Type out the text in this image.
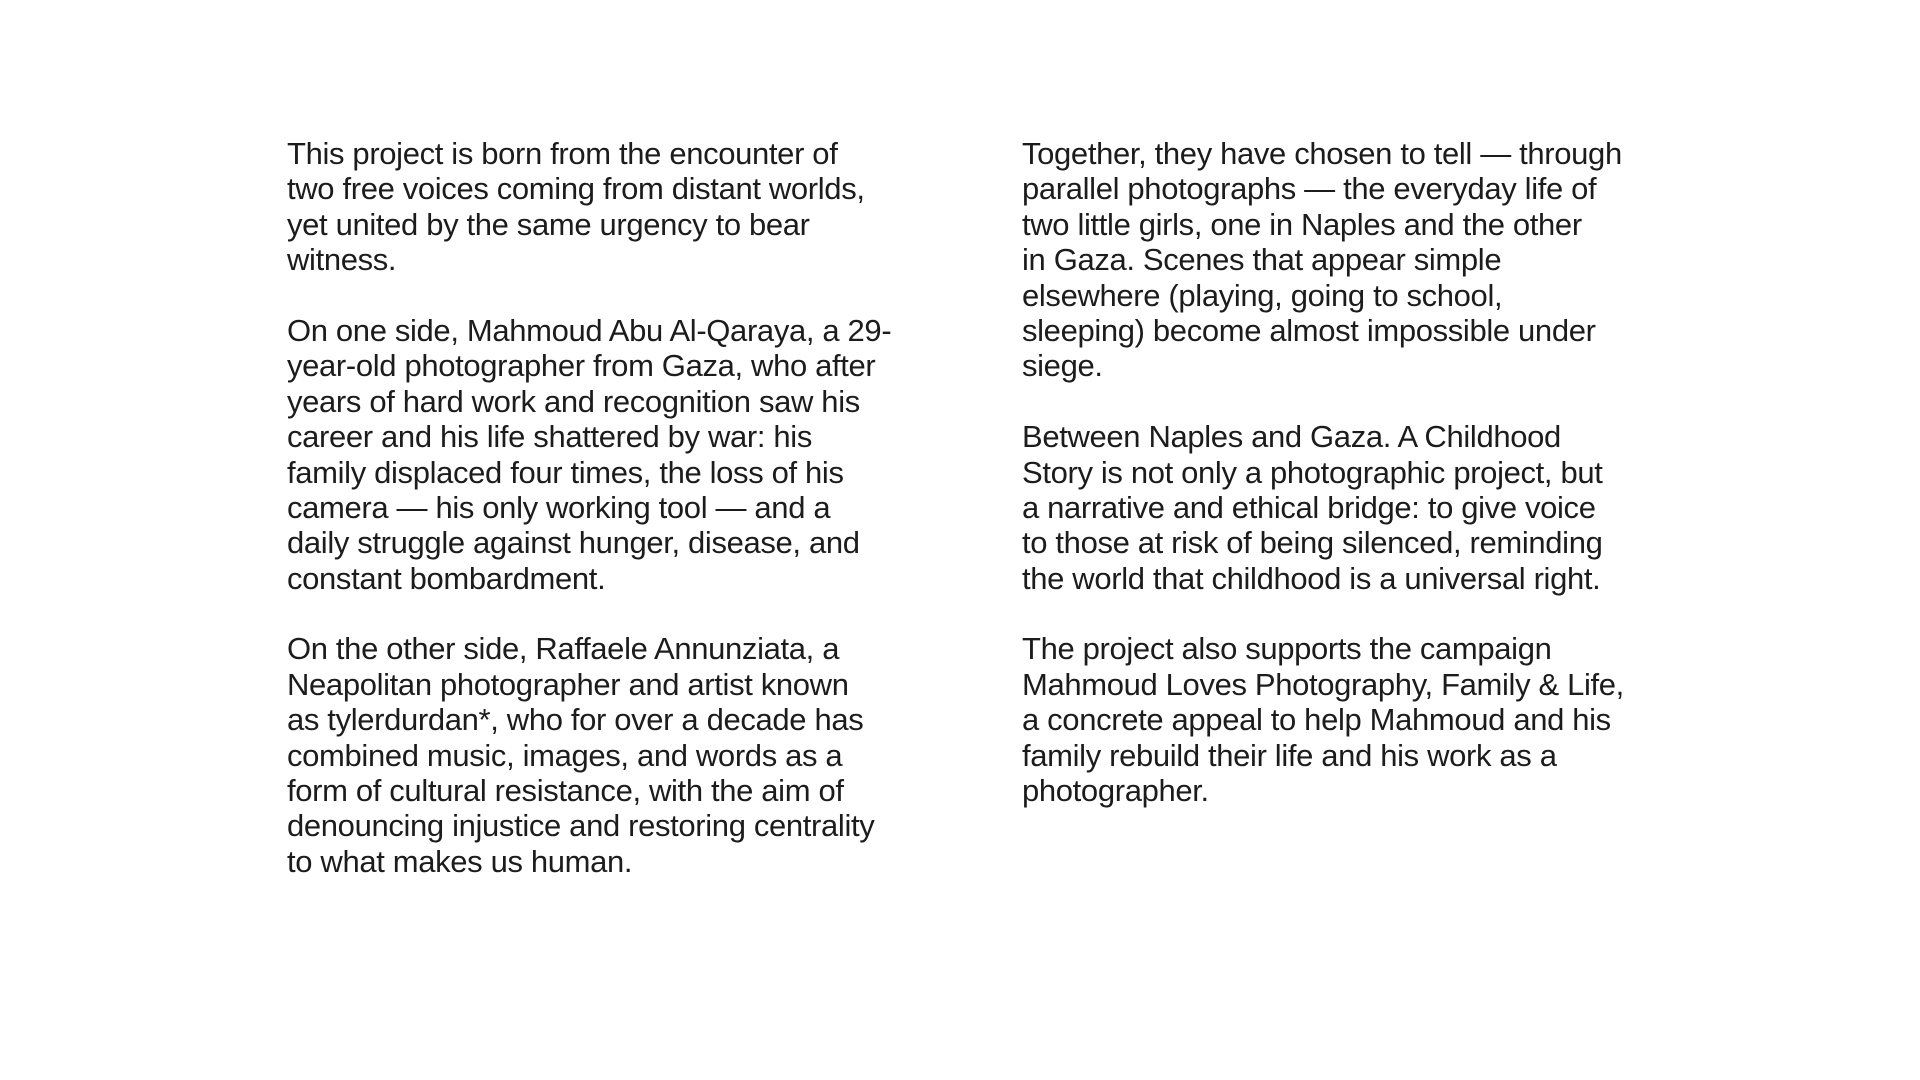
This project is born from the encounter of
two free voices coming from distant worlds,
yet united by the same urgency to bear
witness.

On one side, Mahmoud Abu Al-Qaraya, a 29-
year-old photographer from Gaza, who after
years of hard work and recognition saw his
career and his life shattered by war: his
family displaced four times, the loss of his
camera — his only working tool — and a
daily struggle against hunger, disease, and
constant bombardment.

On the other side, Raffaele Annunziata, a
Neapolitan photographer and artist known
as tylerdurdan*, who for over a decade has
combined music, images, and words as a
form of cultural resistance, with the aim of
denouncing injustice and restoring centrality
to what makes us human.

Together, they have chosen to tell — through
parallel photographs — the everyday life of
two little girls, one in Naples and the other
in Gaza. Scenes that appear simple
elsewhere (playing, going to school,
sleeping) become almost impossible under
siege.

Between Naples and Gaza. A Childhood
Story is not only a photographic project, but
a narrative and ethical bridge: to give voice
to those at risk of being silenced, reminding
the world that childhood is a universal right.

The project also supports the campaign
Mahmoud Loves Photography, Family & Life,
a concrete appeal to help Mahmoud and his
family rebuild their life and his work as a
photographer.
